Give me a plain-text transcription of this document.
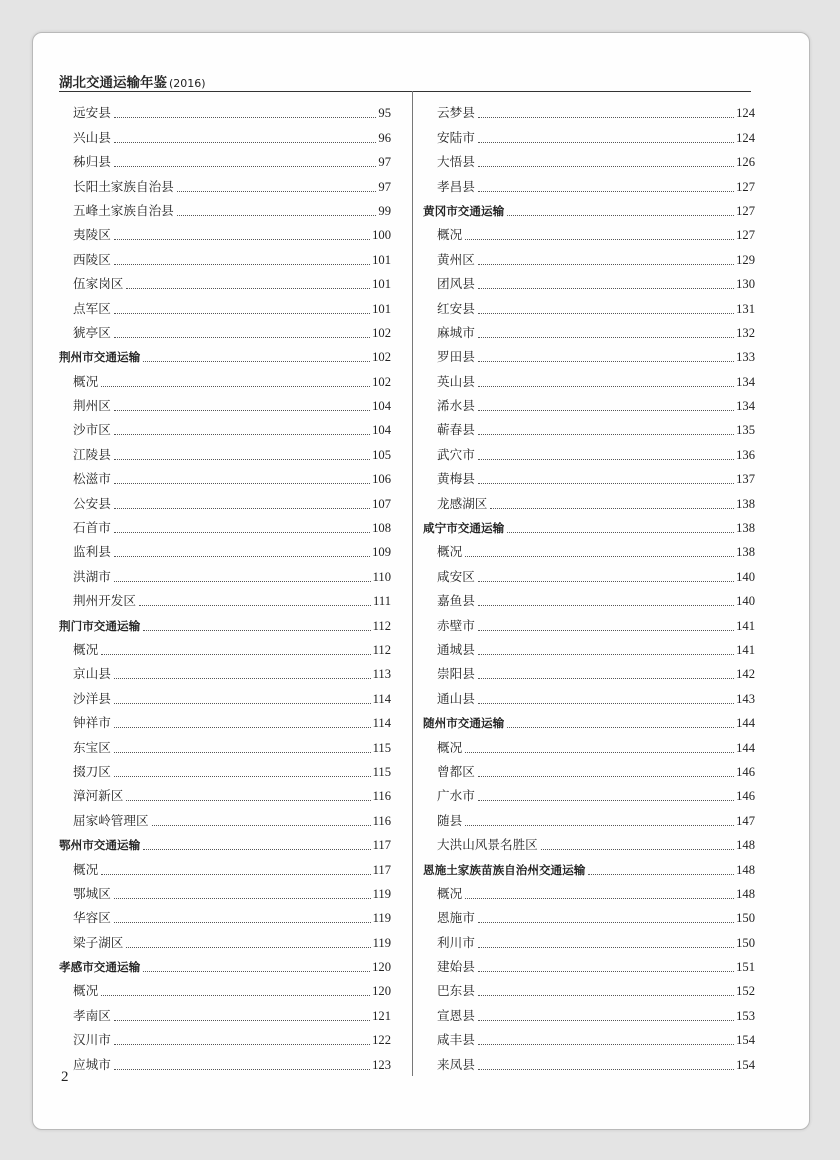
湖北交通运输年鉴 (2016)
远安县	95
兴山县	96
秭归县	97
长阳土家族自治县	97
五峰土家族自治县	99
夷陵区	100
西陵区	101
伍家岗区	101
点军区	101
猇亭区	102
荆州市交通运输	102
概况	102
荆州区	104
沙市区	104
江陵县	105
松滋市	106
公安县	107
石首市	108
监利县	109
洪湖市	110
荆州开发区	111
荆门市交通运输	112
概况	112
京山县	113
沙洋县	114
钟祥市	114
东宝区	115
掇刀区	115
漳河新区	116
屈家岭管理区	116
鄂州市交通运输	117
概况	117
鄂城区	119
华容区	119
梁子湖区	119
孝感市交通运输	120
概况	120
孝南区	121
汉川市	122
应城市	123
云梦县	124
安陆市	124
大悟县	126
孝昌县	127
黄冈市交通运输	127
概况	127
黄州区	129
团风县	130
红安县	131
麻城市	132
罗田县	133
英山县	134
浠水县	134
蕲春县	135
武穴市	136
黄梅县	137
龙感湖区	138
咸宁市交通运输	138
概况	138
咸安区	140
嘉鱼县	140
赤壁市	141
通城县	141
崇阳县	142
通山县	143
随州市交通运输	144
概况	144
曾都区	146
广水市	146
随县	147
大洪山风景名胜区	148
恩施土家族苗族自治州交通运输	148
概况	148
恩施市	150
利川市	150
建始县	151
巴东县	152
宣恩县	153
咸丰县	154
来凤县	154
2
